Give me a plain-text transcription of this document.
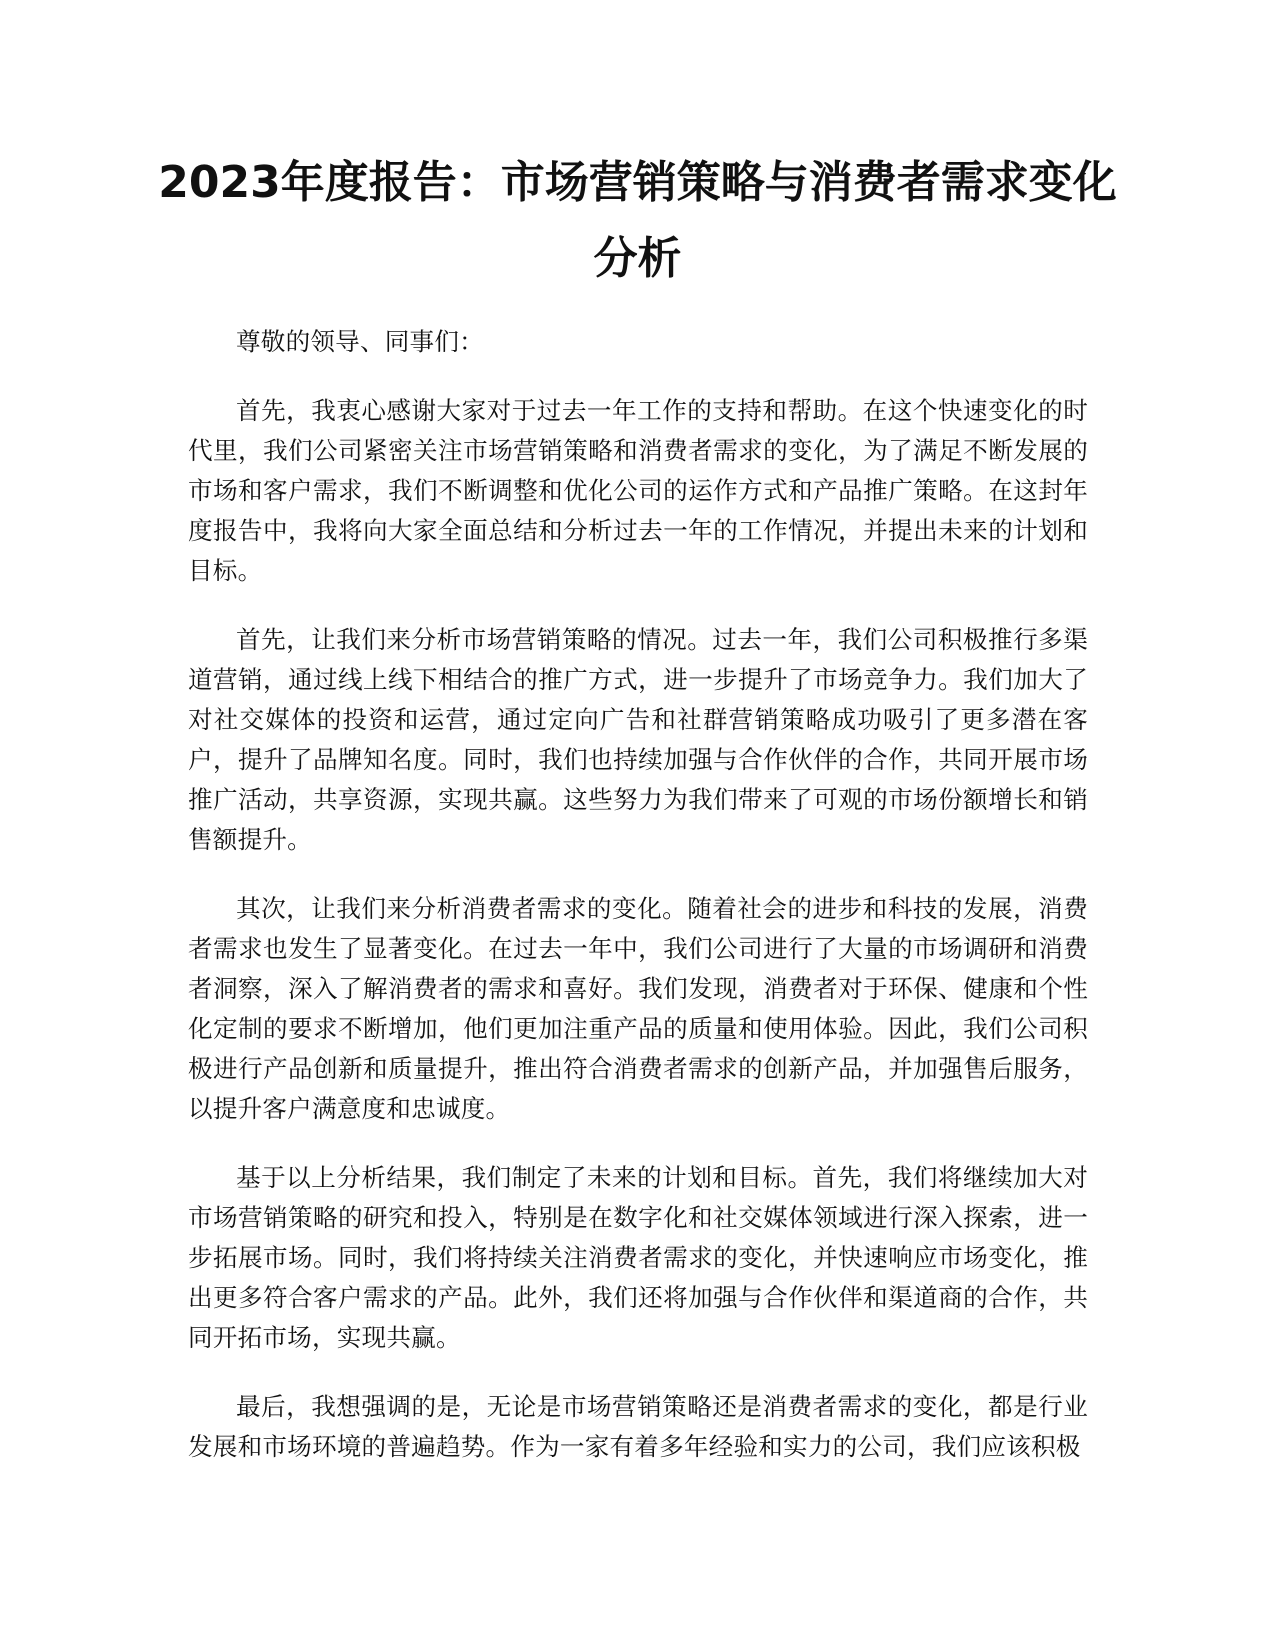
2023年度报告：市场营销策略与消费者需求变化分析

尊敬的领导、同事们：

首先，我衷心感谢大家对于过去一年工作的支持和帮助。在这个快速变化的时代里，我们公司紧密关注市场营销策略和消费者需求的变化，为了满足不断发展的市场和客户需求，我们不断调整和优化公司的运作方式和产品推广策略。在这封年度报告中，我将向大家全面总结和分析过去一年的工作情况，并提出未来的计划和目标。

首先，让我们来分析市场营销策略的情况。过去一年，我们公司积极推行多渠道营销，通过线上线下相结合的推广方式，进一步提升了市场竞争力。我们加大了对社交媒体的投资和运营，通过定向广告和社群营销策略成功吸引了更多潜在客户，提升了品牌知名度。同时，我们也持续加强与合作伙伴的合作，共同开展市场推广活动，共享资源，实现共赢。这些努力为我们带来了可观的市场份额增长和销售额提升。

其次，让我们来分析消费者需求的变化。随着社会的进步和科技的发展，消费者需求也发生了显著变化。在过去一年中，我们公司进行了大量的市场调研和消费者洞察，深入了解消费者的需求和喜好。我们发现，消费者对于环保、健康和个性化定制的要求不断增加，他们更加注重产品的质量和使用体验。因此，我们公司积极进行产品创新和质量提升，推出符合消费者需求的创新产品，并加强售后服务，以提升客户满意度和忠诚度。

基于以上分析结果，我们制定了未来的计划和目标。首先，我们将继续加大对市场营销策略的研究和投入，特别是在数字化和社交媒体领域进行深入探索，进一步拓展市场。同时，我们将持续关注消费者需求的变化，并快速响应市场变化，推出更多符合客户需求的产品。此外，我们还将加强与合作伙伴和渠道商的合作，共同开拓市场，实现共赢。

最后，我想强调的是，无论是市场营销策略还是消费者需求的变化，都是行业发展和市场环境的普遍趋势。作为一家有着多年经验和实力的公司，我们应该积极
